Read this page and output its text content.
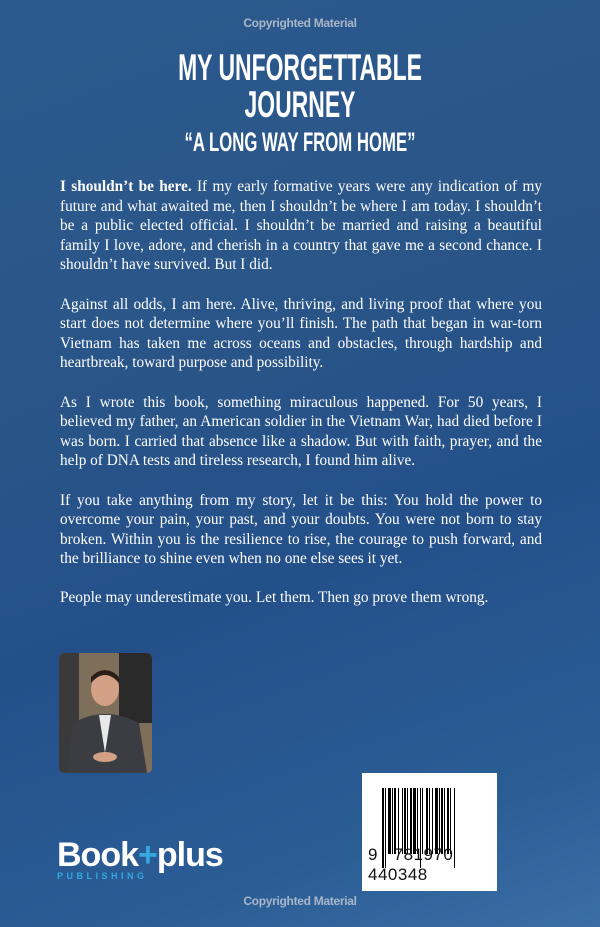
Copyrighted Material
MY UNFORGETTABLE
JOURNEY
“A LONG WAY FROM HOME”

I shouldn’t be here. If my early formative years were any indication of my future and what awaited me, then I shouldn’t be where I am today. I shouldn’t be a public elected official. I shouldn’t be married and raising a beautiful family I love, adore, and cherish in a country that gave me a second chance. I shouldn’t have survived. But I did.

Against all odds, I am here. Alive, thriving, and living proof that where you start does not determine where you’ll finish. The path that began in war-torn Vietnam has taken me across oceans and obstacles, through hardship and heartbreak, toward purpose and possibility.

As I wrote this book, something miraculous happened. For 50 years, I believed my father, an American soldier in the Vietnam War, had died before I was born. I carried that absence like a shadow. But with faith, prayer, and the help of DNA tests and tireless research, I found him alive.

If you take anything from my story, let it be this: You hold the power to overcome your pain, your past, and your doubts. You were not born to stay broken. Within you is the resilience to rise, the courage to push forward, and the brilliance to shine even when no one else sees it yet.

People may underestimate you. Let them. Then go prove them wrong.

9 781970 440348
Book+plus
PUBLISHING
Copyrighted Material
